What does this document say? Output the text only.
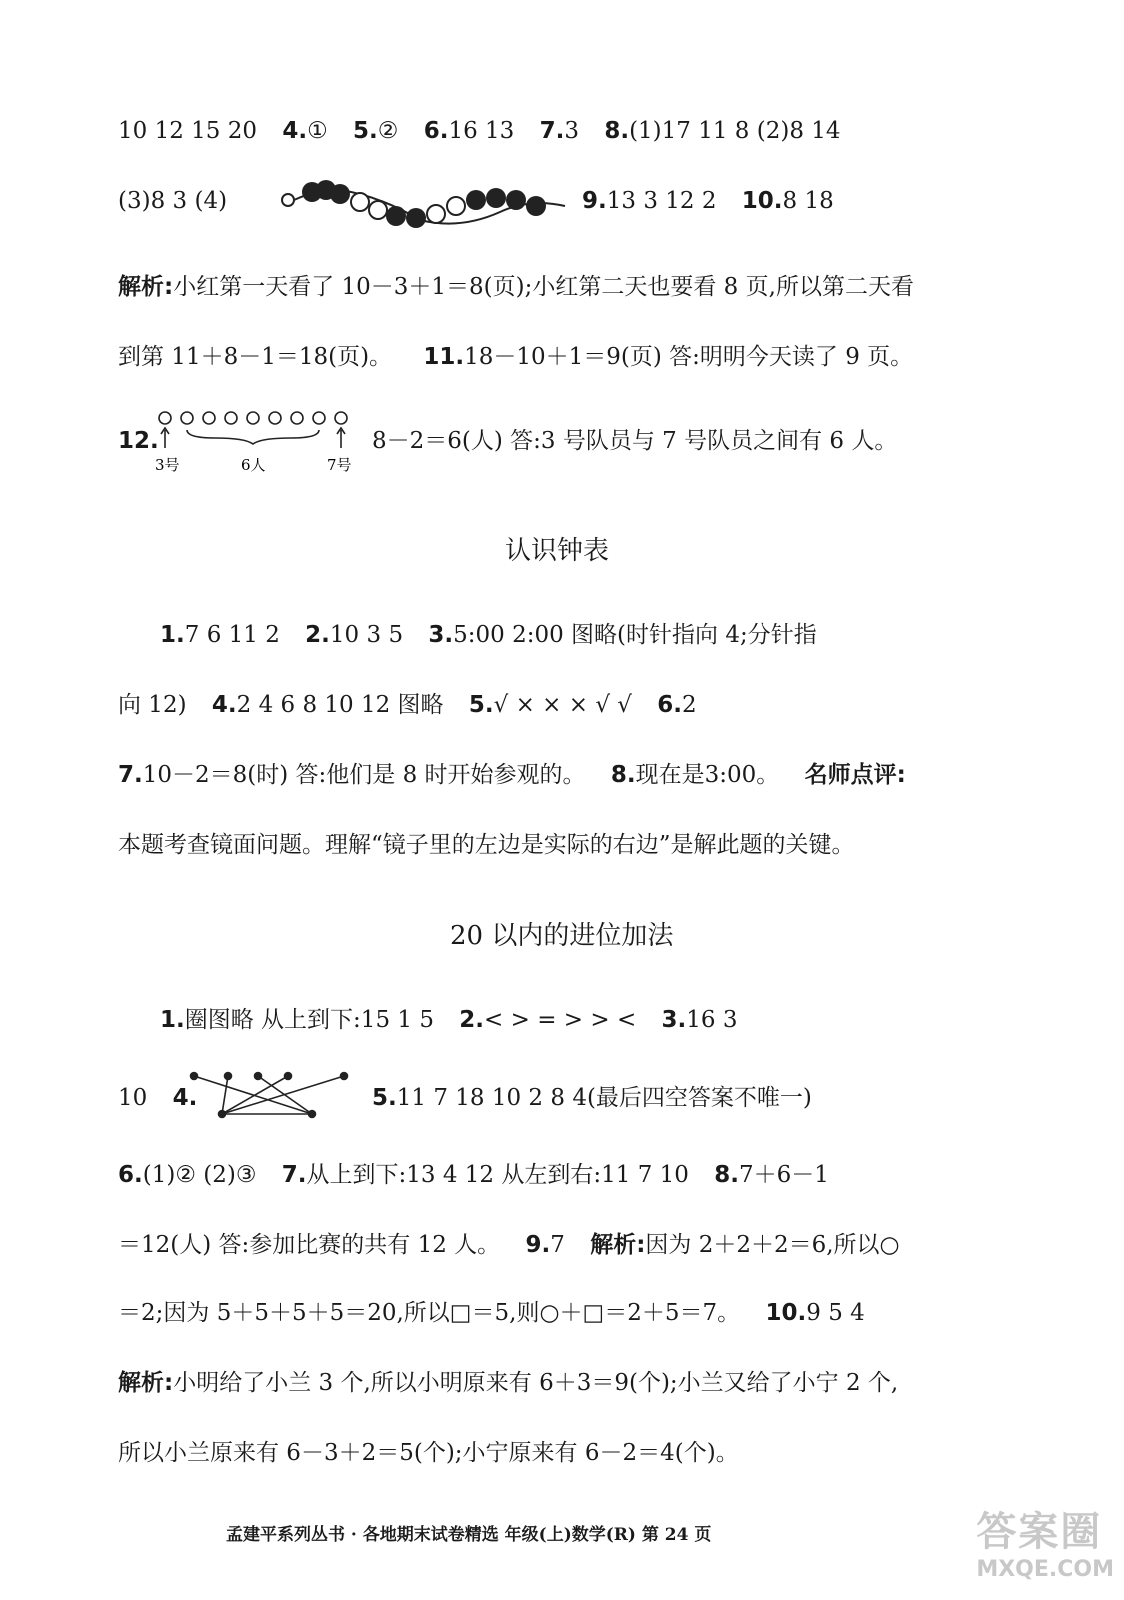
10 12 15 20 4.① 5.② 6.16 13 7.3 8.(1)17 11 8 (2)8 14
(3)8 3 (4)	9.13 3 12 2 10.8 18
解析:小红第一天看了 10－3＋1＝8(页);小红第二天也要看 8 页,所以第二天看
到第 11＋8－1＝18(页)。 11.18－10＋1＝9(页) 答:明明今天读了 9 页。
12.
3号	6人	7号
8－2＝6(人) 答:3 号队员与 7 号队员之间有 6 人。
认识钟表
1.7 6 11 2 2.10 3 5 3.5:00 2:00 图略(时针指向 4;分针指
向 12) 4.2 4 6 8 10 12 图略 5.√ × × × √ √ 6.2
7.10－2＝8(时) 答:他们是 8 时开始参观的。 8.现在是3:00。 名师点评:
本题考查镜面问题。理解“镜子里的左边是实际的右边”是解此题的关键。
20 以内的进位加法
1.圈图略 从上到下:15 1 5 2.< > = > > < 3.16 3
10 4.	5.11 7 18 10 2 8 4(最后四空答案不唯一)
6.(1)② (2)③ 7.从上到下:13 4 12 从左到右:11 7 10 8.7＋6－1
＝12(人) 答:参加比赛的共有 12 人。 9.7 解析:因为 2＋2＋2＝6,所以○
＝2;因为 5＋5＋5＋5＝20,所以□＝5,则○＋□＝2＋5＝7。 10.9 5 4
解析:小明给了小兰 3 个,所以小明原来有 6＋3＝9(个);小兰又给了小宁 2 个,
所以小兰原来有 6－3＋2＝5(个);小宁原来有 6－2＝4(个)。
孟建平系列丛书 · 各地期末试卷精选 年级(上)数学(R) 第 24 页	答案圈
MXQE.COM
